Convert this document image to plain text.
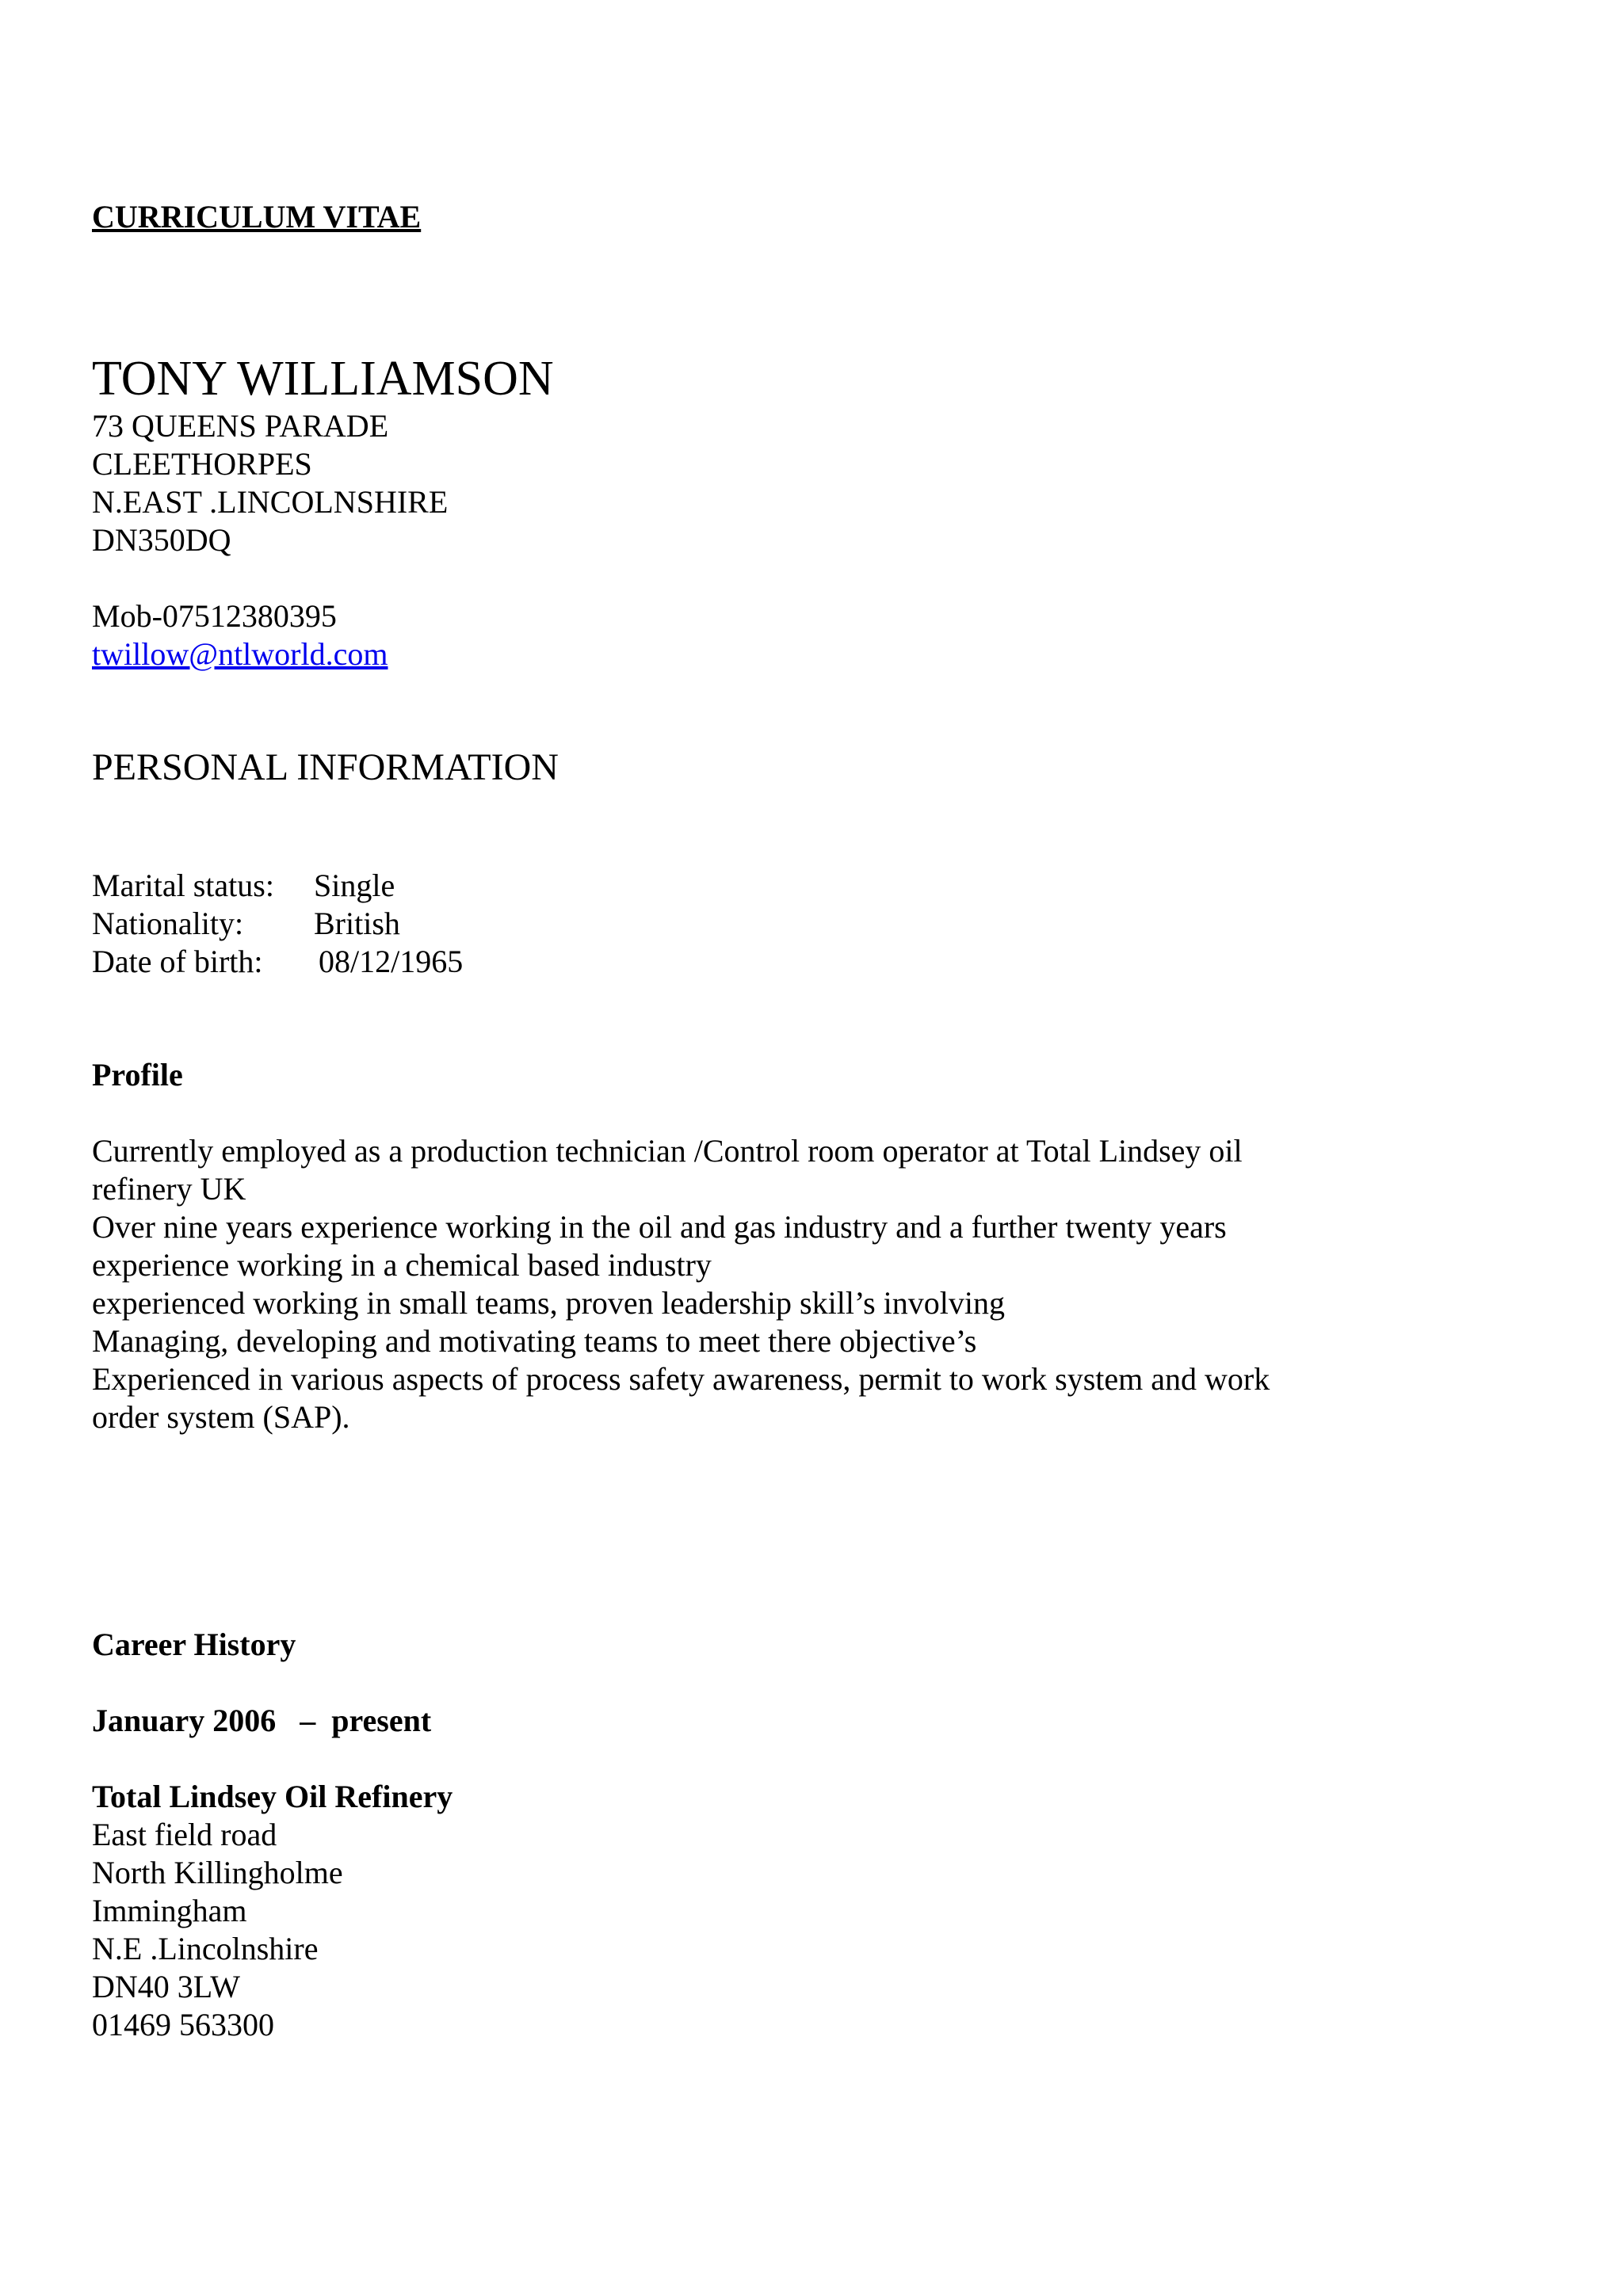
CURRICULUM VITAE
TONY WILLIAMSON
73 QUEENS PARADE
CLEETHORPES
N.EAST .LINCOLNSHIRE
DN350DQ
Mob-07512380395
twillow@ntlworld.com
PERSONAL INFORMATION
Marital status:	Single
Nationality:	British
Date of birth:	08/12/1965
Profile
Currently employed as a production technician /Control room operator at Total Lindsey oil
refinery UK
Over nine years experience working in the oil and gas industry and a further twenty years
experience working in a chemical based industry
experienced working in small teams, proven leadership skill’s involving
Managing, developing and motivating teams to meet there objective’s
Experienced in various aspects of process safety awareness, permit to work system and work
order system (SAP).
Career History
January 2006   –  present
Total Lindsey Oil Refinery
East field road
North Killingholme
Immingham
N.E .Lincolnshire
DN40 3LW
01469 563300
